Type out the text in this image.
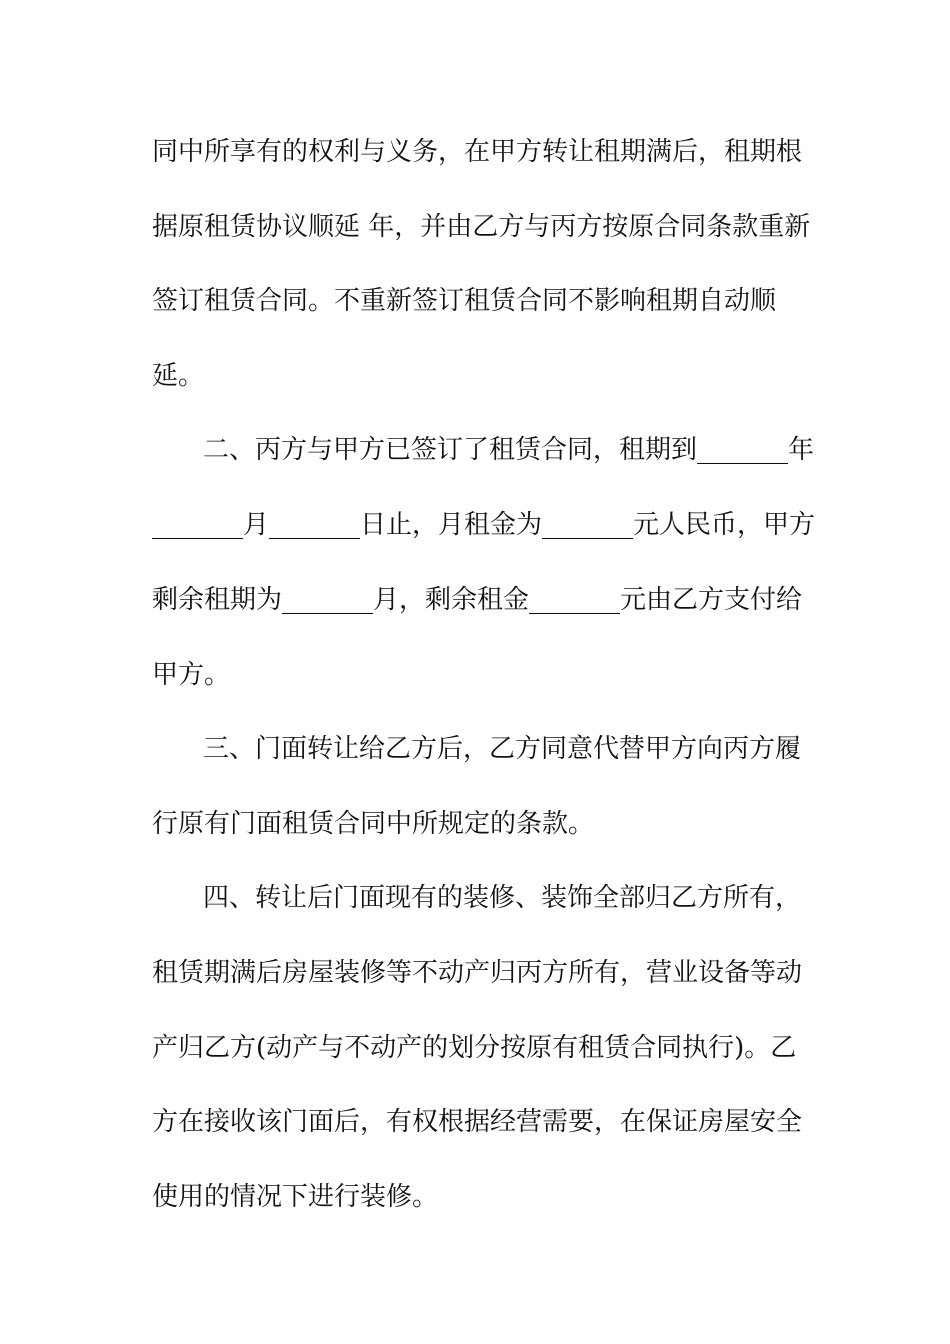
同中所享有的权利与义务，在甲方转让租期满后，租期根
据原租赁协议顺延 年，并由乙方与丙方按原合同条款重新
签订租赁合同。不重新签订租赁合同不影响租期自动顺
延。
二、丙方与甲方已签订了租赁合同，租期到_______年
_______月_______日止，月租金为_______元人民币，甲方
剩余租期为_______月，剩余租金_______元由乙方支付给
甲方。
三、门面转让给乙方后，乙方同意代替甲方向丙方履
行原有门面租赁合同中所规定的条款。
四、转让后门面现有的装修、装饰全部归乙方所有，
租赁期满后房屋装修等不动产归丙方所有，营业设备等动
产归乙方(动产与不动产的划分按原有租赁合同执行)。乙
方在接收该门面后，有权根据经营需要，在保证房屋安全
使用的情况下进行装修。
